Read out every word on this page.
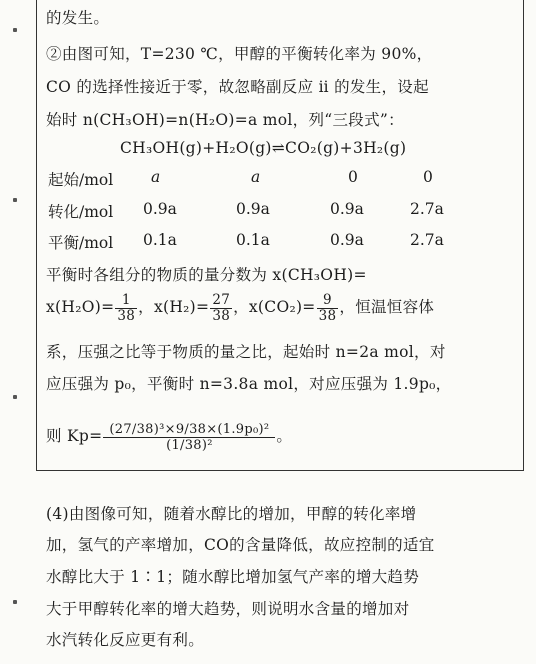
的发生。
②由图可知，T=230 ℃，甲醇的平衡转化率为 90%，
CO 的选择性接近于零，故忽略副反应 ⅱ 的发生，设起
始时 n(CH₃OH)=n(H₂O)=a mol，列“三段式”：
CH₃OH(g)+H₂O(g)⇌CO₂(g)+3H₂(g)
起始/mol a	a	0	0
转化/mol 0.9a	0.9a	0.9a	2.7a
平衡/mol 0.1a	0.1a	0.9a	2.7a
平衡时各组分的物质的量分数为 x(CH₃OH)=
$x(H_2O)= \frac{1}{38}$ ，$x(H_2)= \frac{27}{38}$ ，$x(CO_2)= \frac{9}{38}$ ，恒温恒容体
系，压强之比等于物质的量之比，起始时 n=2a mol，对
应压强为 p₀，平衡时 n=3.8a mol，对应压强为 1.9p₀，
则 $Kp= \frac{\text{(27/38)³×9/38×(1.9p₀)²}}{\text{(1/38)²}}$ 。
(4)由图像可知，随着水醇比的增加，甲醇的转化率增
加，氢气的产率增加，CO的含量降低，故应控制的适宜
水醇比大于 1∶1；随水醇比增加氢气产率的增大趋势
大于甲醇转化率的增大趋势，则说明水含量的增加对
水汽转化反应更有利。
